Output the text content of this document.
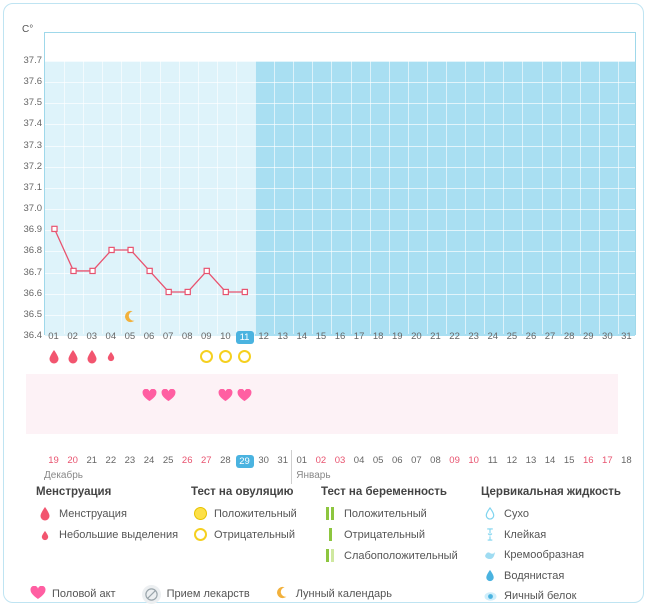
C°
37.7
37.6
37.5
37.4
37.3
37.2
37.1
37.0
36.9
36.8
36.7
36.6
36.5
36.4 01 02 03 04 05 06 07 08 09 10 11 12 13 14 15 16 17 18 19 20 21 22 23 24 25 26 27 28 29 30 31
19 20 21 22 23 24 25 26 27 28 29 30 31 01 02 03 04 05 06 07 08 09 10 11 12 13 14 15 16 17 18
Декабрь	Январь
Менструация
Менструация
Небольшие выделения
Тест на овуляцию
Положительный
Отрицательный
Тест на беременность
Положительный
Отрицательный
Слабоположительный
Цервикальная жидкость
Сухо
Клейкая
Кремообразная
Водянистая
Яичный белок
Половой акт	Прием лекарств	Лунный календарь
